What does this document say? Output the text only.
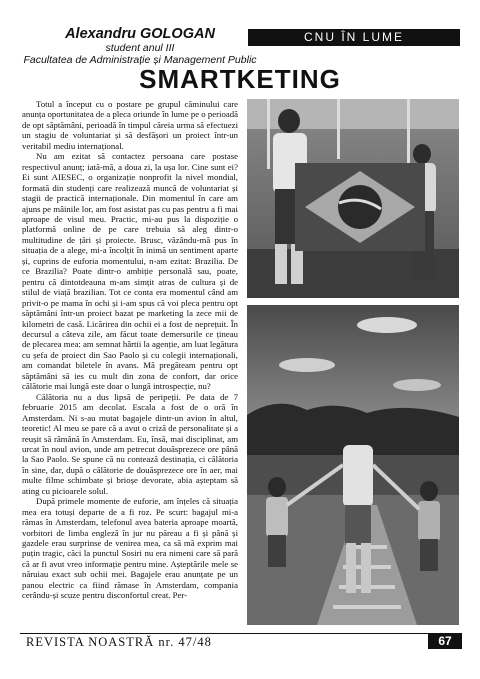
Alexandru GOLOGAN
student anul III
Facultatea de Administrație și Management Public
CNU ÎN LUME
SMARTKETING

Totul a început cu o postare pe grupul căminului care anunța oportunitatea de a pleca oriunde în lume pe o perioadă de opt săptămâni, perioadă în timpul căreia urma să efectuezi un stagiu de voluntariat și să desfășori un proiect într-un veritabil mediu internațional.

Nu am ezitat să contactez persoana care postase respectivul anunț; iată-mă, a doua zi, la ușa lor. Cine sunt ei? Ei sunt AIESEC, o organizație nonprofit la nivel mondial, formată din studenți care realizează muncă de voluntariat și stagii de practică internaționale. Din momentul în care am ajuns pe mâinile lor, am fost asistat pas cu pas pentru a fi mai aproape de visul meu. Practic, mi-au pus la dispoziție o platformă online de pe care trebuia să aleg dintr-o multitudine de țări și proiecte. Brusc, văzându-mă pus în situația de a alege, mi-a încolțit în inimă un sentiment aparte și, cuprins de euforia momentului, n-am ezitat: Brazilia. De ce Brazilia? Poate dintr-o ambiție personală sau, poate, pentru că dintotdeauna m-am simțit atras de cultura și de stilul de viață brazilian. Tot ce conta era momentul când am privit-o pe mama în ochi și i-am spus că voi pleca pentru opt săptămâni într-un proiect bazat pe marketing la zece mii de kilometri de casă. Licărirea din ochii ei a fost de neprețuit. În decursul a câteva zile, am făcut toate demersurile ce țineau de plecarea mea: am semnat hârtii la agenție, am luat legătura cu șefa de proiect din Sao Paolo și cu colegii internaționali, am comandat biletele în avans. Mă pregăteam pentru opt săptămâni să ies cu mult din zona de confort, dar orice călătorie mai lungă este doar o lungă introspecție, nu?

Călătoria nu a dus lipsă de peripeții. Pe data de 7 februarie 2015 am decolat. Escala a fost de o oră în Amsterdam. Ni s-au mutat bagajele dintr-un avion în altul, teoretic! Al meu se pare că a avut o criză de personalitate și a reușit să rămână în Amsterdam. Eu, însă, mai disciplinat, am urcat în noul avion, unde am petrecut douăsprezece ore până la Sao Paolo. Se spune că nu contează destinația, ci călătoria în sine, dar, după o călătorie de douăsprezece ore în aer, mai multe filme schimbate și brioșe devorate, abia așteptam să ating cu picioarele solul.

După primele momente de euforie, am înțeles că situația mea era totuși departe de a fi roz. Pe scurt: bagajul mi-a rămas în Amsterdam, telefonul avea bateria aproape moartă, vorbitori de limba engleză în jur nu păreau a fi și până și gazdele erau surprinse de venirea mea, ca să mă exprim mai puțin tragic, căci la punctul Sosiri nu era nimeni care să pară că ar fi avut vreo informație pentru mine. Așteptările mele se năruiau exact sub ochii mei. Bagajele erau anunțate pe un panou electric ca fiind rămase în Amsterdam, compania cerându-și scuze pentru disconfortul creat. Per-

REVISTA NOASTRĂ nr. 47/48	67
